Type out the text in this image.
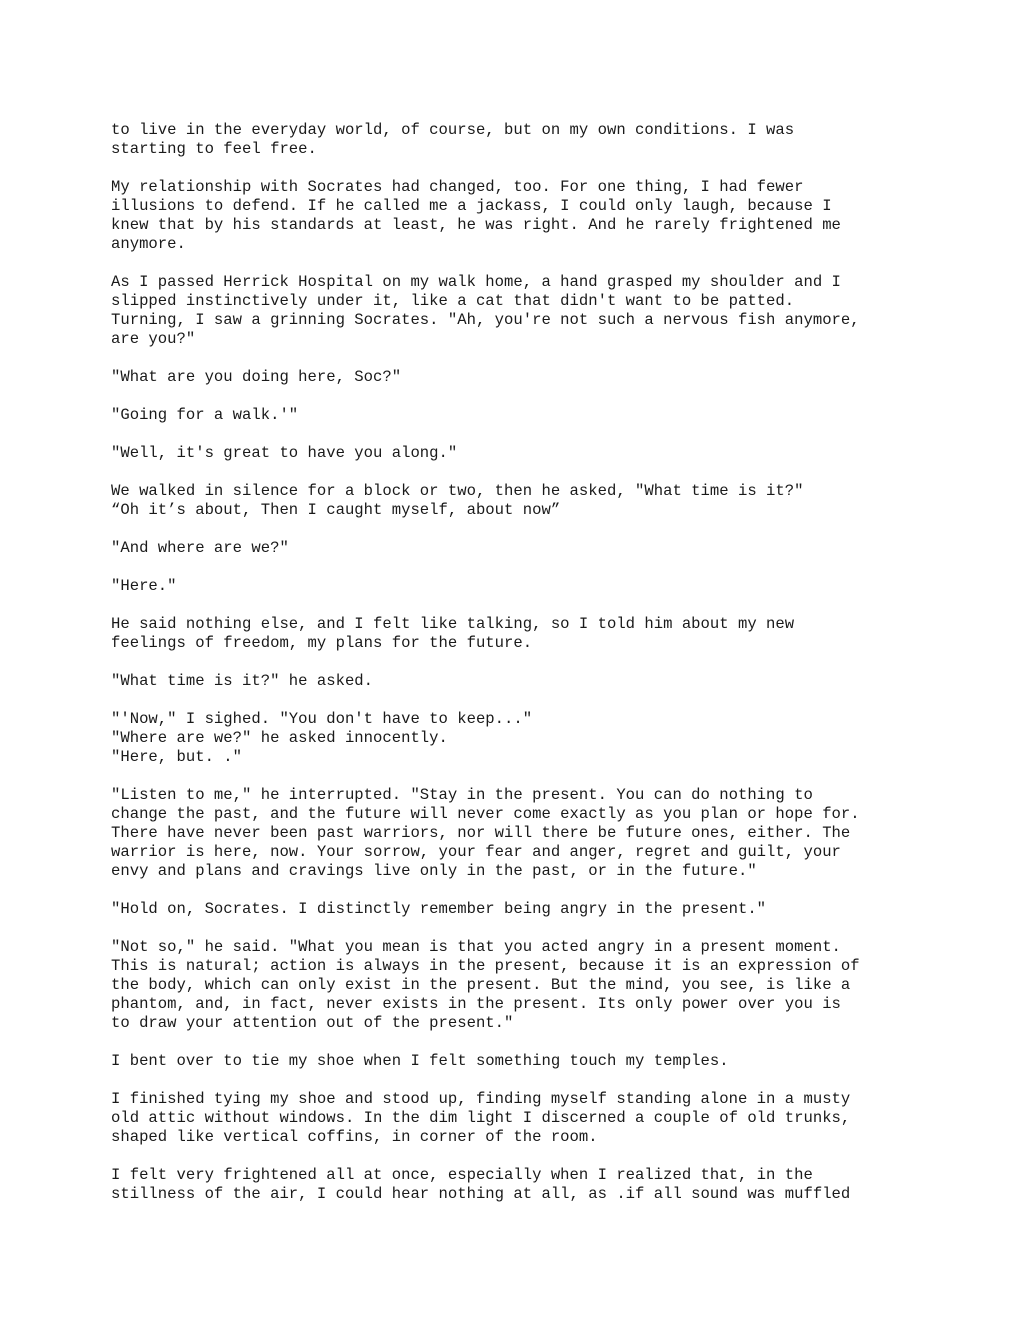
to live in the everyday world, of course, but on my own conditions. I was
starting to feel free.

My relationship with Socrates had changed, too. For one thing, I had fewer
illusions to defend. If he called me a jackass, I could only laugh, because I
knew that by his standards at least, he was right. And he rarely frightened me
anymore.

As I passed Herrick Hospital on my walk home, a hand grasped my shoulder and I
slipped instinctively under it, like a cat that didn't want to be patted.
Turning, I saw a grinning Socrates. "Ah, you're not such a nervous fish anymore,
are you?"

"What are you doing here, Soc?"

"Going for a walk.'"

"Well, it's great to have you along."

We walked in silence for a block or two, then he asked, "What time is it?"
“Oh it’s about, Then I caught myself, about now”

"And where are we?"

"Here."

He said nothing else, and I felt like talking, so I told him about my new
feelings of freedom, my plans for the future.

"What time is it?" he asked.

"'Now," I sighed. "You don't have to keep..."
"Where are we?" he asked innocently.
"Here, but. ."

"Listen to me," he interrupted. "Stay in the present. You can do nothing to
change the past, and the future will never come exactly as you plan or hope for.
There have never been past warriors, nor will there be future ones, either. The
warrior is here, now. Your sorrow, your fear and anger, regret and guilt, your
envy and plans and cravings live only in the past, or in the future."

"Hold on, Socrates. I distinctly remember being angry in the present."

"Not so," he said. "What you mean is that you acted angry in a present moment.
This is natural; action is always in the present, because it is an expression of
the body, which can only exist in the present. But the mind, you see, is like a
phantom, and, in fact, never exists in the present. Its only power over you is
to draw your attention out of the present."

I bent over to tie my shoe when I felt something touch my temples.

I finished tying my shoe and stood up, finding myself standing alone in a musty
old attic without windows. In the dim light I discerned a couple of old trunks,
shaped like vertical coffins, in corner of the room.

I felt very frightened all at once, especially when I realized that, in the
stillness of the air, I could hear nothing at all, as .if all sound was muffled
